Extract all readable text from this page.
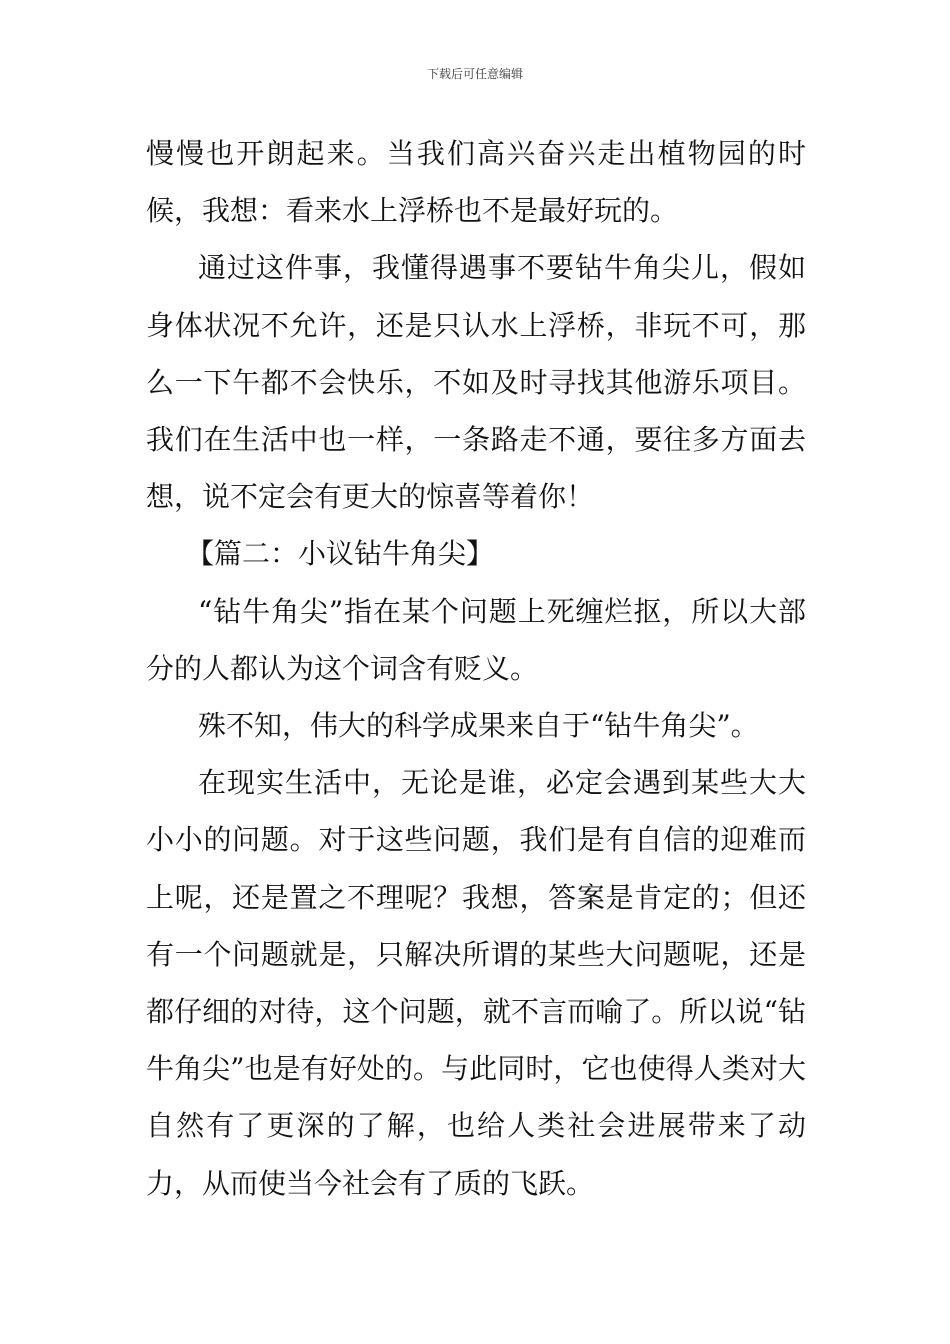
下载后可任意编辑

慢慢也开朗起来。当我们高兴奋兴走出植物园的时候，我想：看来水上浮桥也不是最好玩的。

通过这件事，我懂得遇事不要钻牛角尖儿，假如身体状况不允许，还是只认水上浮桥，非玩不可，那么一下午都不会快乐，不如及时寻找其他游乐项目。我们在生活中也一样，一条路走不通，要往多方面去想，说不定会有更大的惊喜等着你！

【篇二：小议钻牛角尖】

“钻牛角尖”指在某个问题上死缠烂抠，所以大部分的人都认为这个词含有贬义。

殊不知，伟大的科学成果来自于“钻牛角尖”。

在现实生活中，无论是谁，必定会遇到某些大大小小的问题。对于这些问题，我们是有自信的迎难而上呢，还是置之不理呢？我想，答案是肯定的；但还有一个问题就是，只解决所谓的某些大问题呢，还是都仔细的对待，这个问题，就不言而喻了。所以说“钻牛角尖”也是有好处的。与此同时，它也使得人类对大自然有了更深的了解，也给人类社会进展带来了动力，从而使当今社会有了质的飞跃。
